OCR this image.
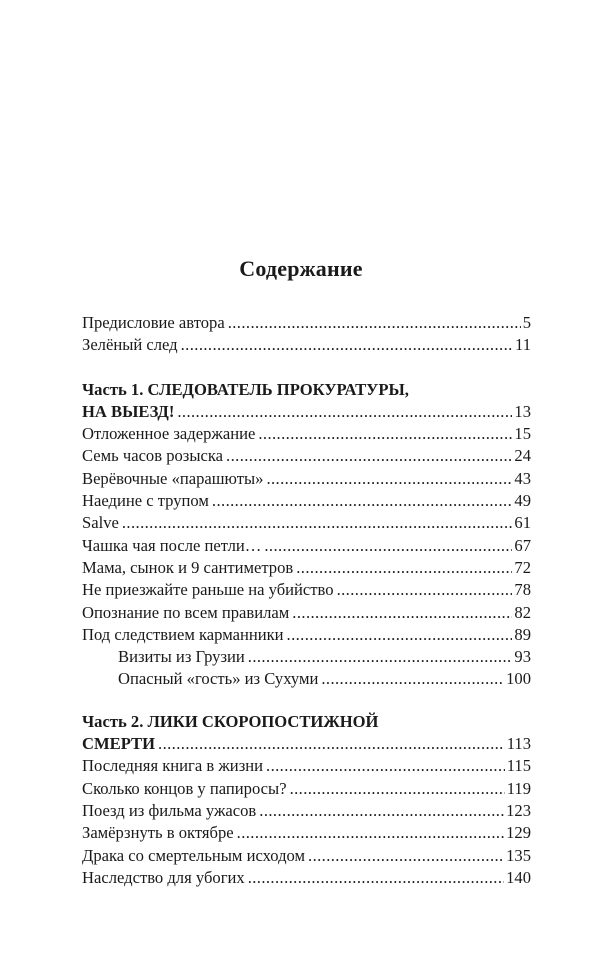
Содержание
Предисловие автора .....	5
Зелёный след .....	11
Часть 1. СЛЕДОВАТЕЛЬ ПРОКУРАТУРЫ,
НА ВЫЕЗД! .....	13
Отложенное задержание .....	15
Семь часов розыска .....	24
Верёвочные «парашюты» .....	43
Наедине с трупом .....	49
Salve .....	61
Чашка чая после петли… .....	67
Мама, сынок и 9 сантиметров .....	72
Не приезжайте раньше на убийство .....	78
Опознание по всем правилам .....	82
Под следствием карманники .....	89
Визиты из Грузии .....	93
Опасный «гость» из Сухуми .....	100
Часть 2. ЛИКИ СКОРОПОСТИЖНОЙ
СМЕРТИ .....	113
Последняя книга в жизни .....	115
Сколько концов у папиросы? .....	119
Поезд из фильма ужасов .....	123
Замёрзнуть в октябре .....	129
Драка со смертельным исходом .....	135
Наследство для убогих .....	140
